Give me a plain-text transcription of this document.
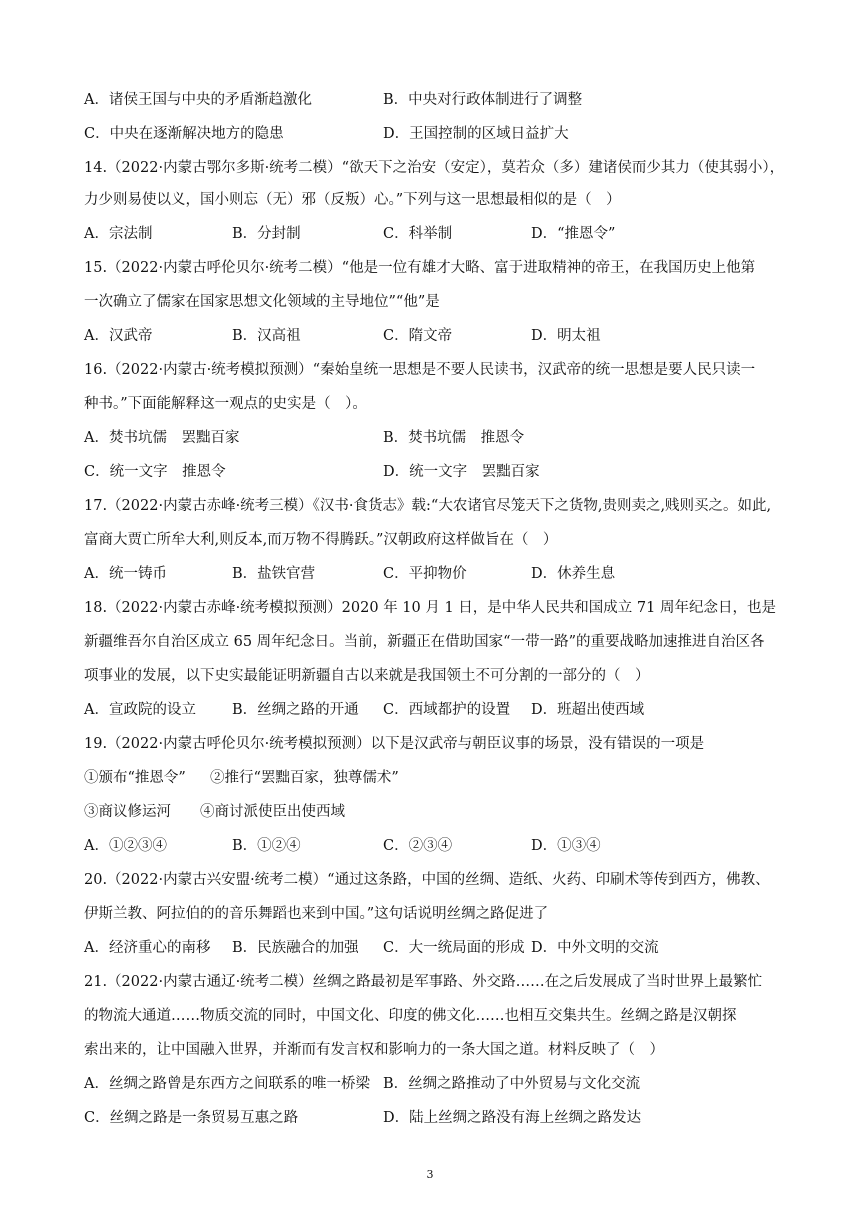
A．诸侯王国与中央的矛盾渐趋激化	B．中央对行政体制进行了调整
C．中央在逐渐解决地方的隐患	D．王国控制的区域日益扩大
14.（2022·内蒙古鄂尔多斯·统考二模）“欲天下之治安（安定），莫若众（多）建诸侯而少其力（使其弱小），
力少则易使以义，国小则忘（无）邪（反叛）心。”下列与这一思想最相似的是（　）
A．宗法制	B．分封制	C．科举制	D．“推恩令”
15.（2022·内蒙古呼伦贝尔·统考二模）“他是一位有雄才大略、富于进取精神的帝王，在我国历史上他第
一次确立了儒家在国家思想文化领域的主导地位”“他”是
A．汉武帝	B．汉高祖	C．隋文帝	D．明太祖
16.（2022·内蒙古·统考模拟预测）“秦始皇统一思想是不要人民读书，汉武帝的统一思想是要人民只读一
种书。”下面能解释这一观点的史实是（　）。
A．焚书坑儒　罢黜百家	B．焚书坑儒　推恩令
C．统一文字　推恩令	D．统一文字　罢黜百家
17.（2022·内蒙古赤峰·统考三模）《汉书·食货志》载:“大农诸官尽笼天下之货物,贵则卖之,贱则买之。如此,
富商大贾亡所牟大利,则反本,而万物不得腾跃。”汉朝政府这样做旨在（　）
A．统一铸币	B．盐铁官营	C．平抑物价	D．休养生息
18.（2022·内蒙古赤峰·统考模拟预测）2020 年 10 月 1 日，是中华人民共和国成立 71 周年纪念日，也是
新疆维吾尔自治区成立 65 周年纪念日。当前，新疆正在借助国家“一带一路”的重要战略加速推进自治区各
项事业的发展，以下史实最能证明新疆自古以来就是我国领土不可分割的一部分的（　）
A．宣政院的设立 B．丝绸之路的开通 C．西域都护的设置 D．班超出使西域
19.（2022·内蒙古呼伦贝尔·统考模拟预测）以下是汉武帝与朝臣议事的场景，没有错误的一项是
①颁布“推恩令” ②推行“罢黜百家，独尊儒术”
③商议修运河 ④商讨派使臣出使西域
A．①②③④	B．①②④	C．②③④	D．①③④
20.（2022·内蒙古兴安盟·统考二模）“通过这条路，中国的丝绸、造纸、火药、印刷术等传到西方，佛教、
伊斯兰教、阿拉伯的的音乐舞蹈也来到中国。”这句话说明丝绸之路促进了
A．经济重心的南移 B．民族融合的加强 C．大一统局面的形成 D．中外文明的交流
21.（2022·内蒙古通辽·统考二模）丝绸之路最初是军事路、外交路……在之后发展成了当时世界上最繁忙
的物流大通道……物质交流的同时，中国文化、印度的佛文化……也相互交集共生。丝绸之路是汉朝探
索出来的，让中国融入世界，并渐而有发言权和影响力的一条大国之道。材料反映了（　）
A．丝绸之路曾是东西方之间联系的唯一桥梁 B．丝绸之路推动了中外贸易与文化交流
C．丝绸之路是一条贸易互惠之路	D．陆上丝绸之路没有海上丝绸之路发达
3
